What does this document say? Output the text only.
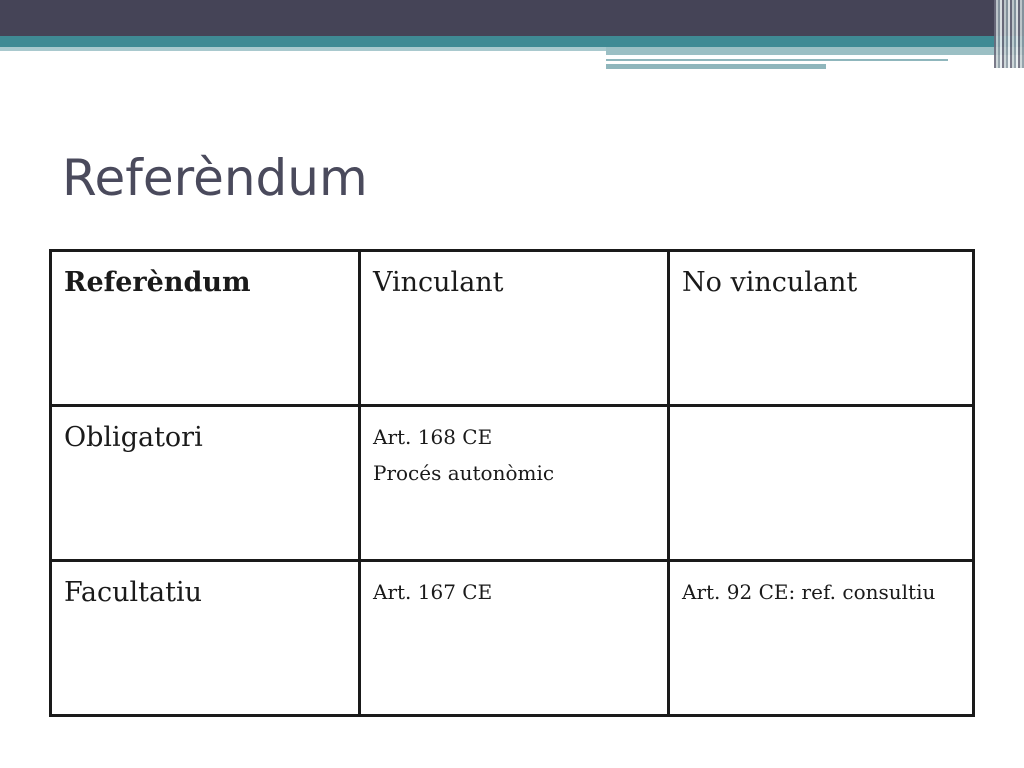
Referèndum
Referèndum	Vinculant	No vinculant

Obligatori	Art. 168 CE
Procés autonòmic	

Facultatiu	Art. 167 CE	Art. 92 CE: ref. consultiu
